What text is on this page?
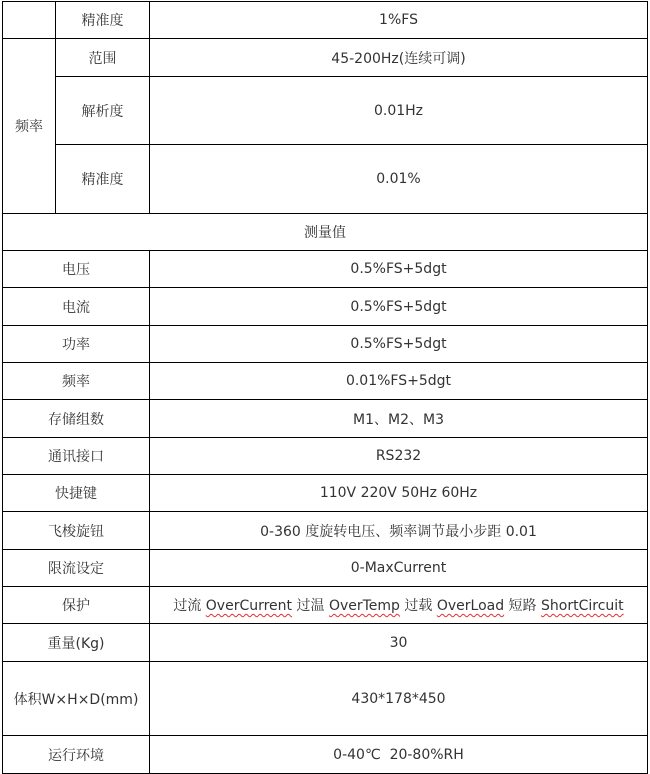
	精准度	1%FS
频率	范围	45-200Hz(连续可调)
	解析度	0.01Hz
	精准度	0.01%
测量值		
电压		0.5%FS+5dgt
电流		0.5%FS+5dgt
功率		0.5%FS+5dgt
频率		0.01%FS+5dgt
存储组数		M1、M2、M3
通讯接口		RS232
快捷键		110V 220V 50Hz 60Hz
飞梭旋钮		0-360 度旋转电压、频率调节最小步距 0.01
限流设定		0-MaxCurrent
保护		过流 OverCurrent 过温 OverTemp 过载 OverLoad 短路 ShortCircuit
重量(Kg)		30
体积W×H×D(mm)		430*178*450
运行环境		0-40℃  20-80%RH
